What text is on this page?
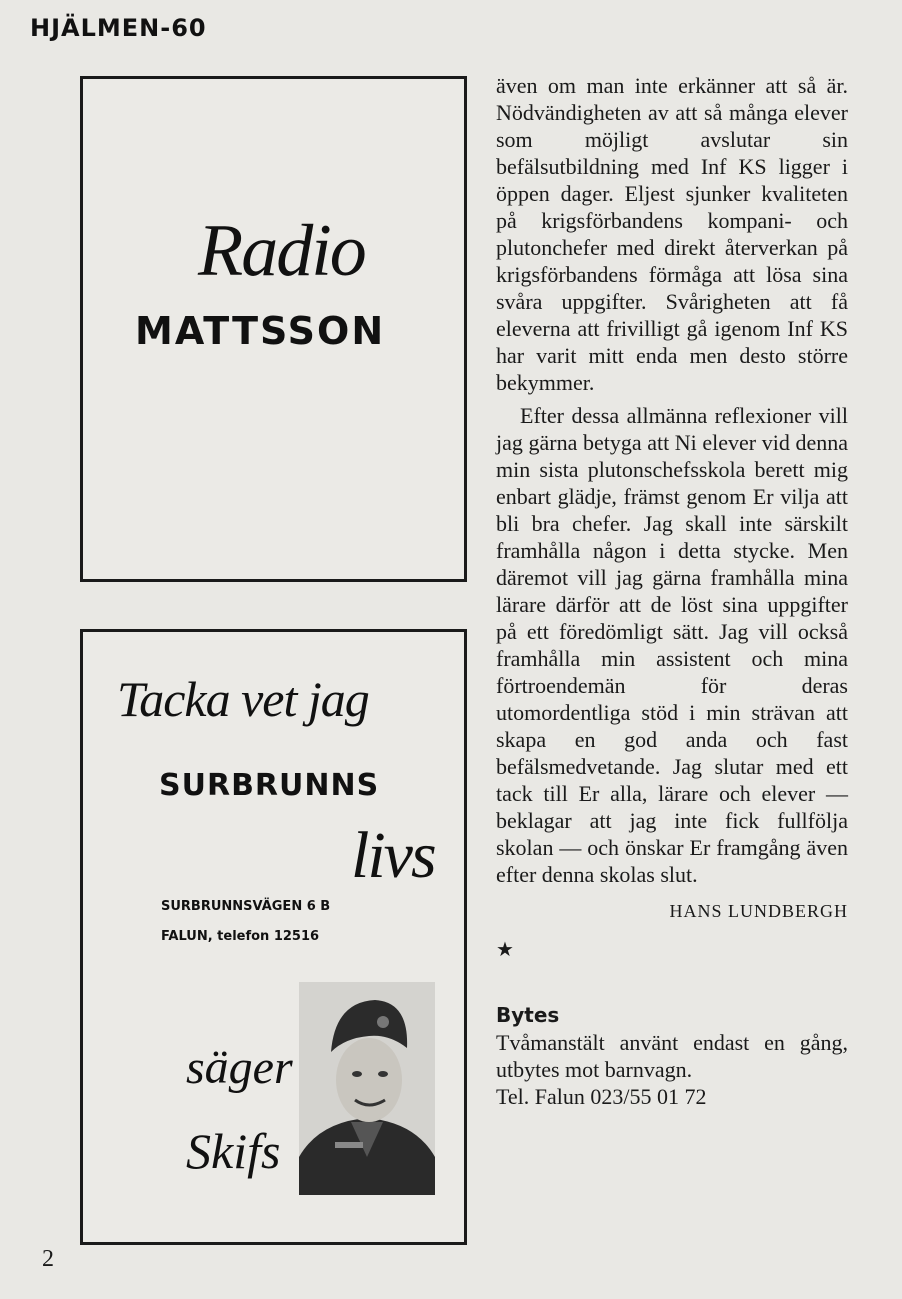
HJÄLMEN-60
Radio
MATTSSON
Tacka vet jag
SURBRUNNS
livs
SURBRUNNSVÄGEN 6 B
FALUN, telefon 12516
säger
Skifs

även om man inte erkänner att så är. Nödvändigheten av att så många elever som möjligt avslutar sin befälsutbildning med Inf KS ligger i öppen dager. Eljest sjunker kvaliteten på krigsförbandens kompani- och plutonchefer med direkt återverkan på krigsförbandens förmåga att lösa sina svåra uppgifter. Svårigheten att få eleverna att frivilligt gå igenom Inf KS har varit mitt enda men desto större bekymmer.

Efter dessa allmänna reflexioner vill jag gärna betyga att Ni elever vid denna min sista plutonschefsskola berett mig enbart glädje, främst genom Er vilja att bli bra chefer. Jag skall inte särskilt framhålla någon i detta stycke. Men däremot vill jag gärna framhålla mina lärare därför att de löst sina uppgifter på ett föredömligt sätt. Jag vill också framhålla min assistent och mina förtroendemän för deras utomordentliga stöd i min strävan att skapa en god anda och fast befälsmedvetande. Jag slutar med ett tack till Er alla, lärare och elever — beklagar att jag inte fick fullfölja skolan — och önskar Er framgång även efter denna skolas slut.

HANS LUNDBERGH
★
Bytes

Tvåmanstält använt endast en gång, utbytes mot barnvagn.

Tel. Falun 023/55 01 72

2
